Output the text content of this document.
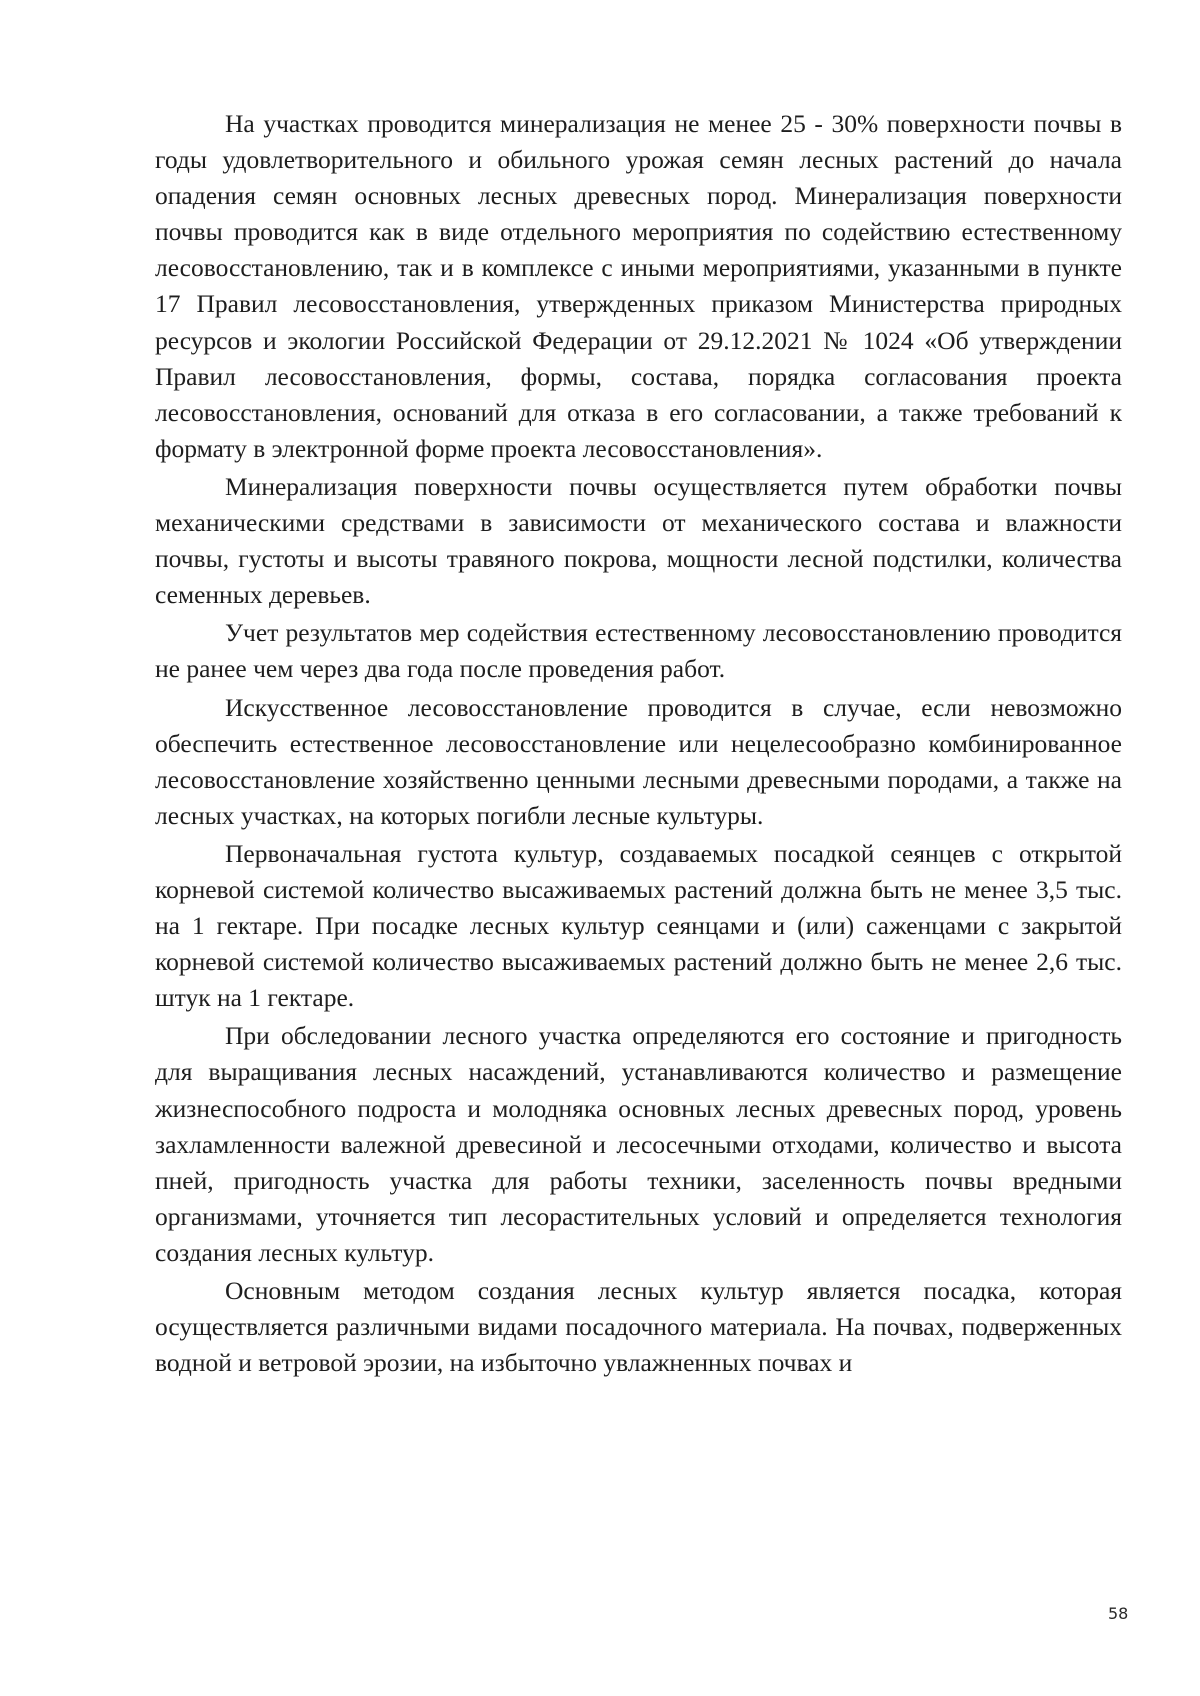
На участках проводится минерализация не менее 25 - 30% поверхности почвы в годы удовлетворительного и обильного урожая семян лесных растений до начала опадения семян основных лесных древесных пород. Минерализация поверхности почвы проводится как в виде отдельного мероприятия по содействию естественному лесовосстановлению, так и в комплексе с иными мероприятиями, указанными в пункте 17 Правил лесовосстановления, утвержденных приказом Министерства природных ресурсов и экологии Российской Федерации от 29.12.2021 № 1024 «Об утверждении Правил лесовосстановления, формы, состава, порядка согласования проекта лесовосстановления, оснований для отказа в его согласовании, а также требований к формату в электронной форме проекта лесовосстановления».

Минерализация поверхности почвы осуществляется путем обработки почвы механическими средствами в зависимости от механического состава и влажности почвы, густоты и высоты травяного покрова, мощности лесной подстилки, количества семенных деревьев.

Учет результатов мер содействия естественному лесовосстановлению проводится не ранее чем через два года после проведения работ.

Искусственное лесовосстановление проводится в случае, если невозможно обеспечить естественное лесовосстановление или нецелесообразно комбинированное лесовосстановление хозяйственно ценными лесными древесными породами, а также на лесных участках, на которых погибли лесные культуры.

Первоначальная густота культур, создаваемых посадкой сеянцев с открытой корневой системой количество высаживаемых растений должна быть не менее 3,5 тыс. на 1 гектаре. При посадке лесных культур сеянцами и (или) саженцами с закрытой корневой системой количество высаживаемых растений должно быть не менее 2,6 тыс. штук на 1 гектаре.

При обследовании лесного участка определяются его состояние и пригодность для выращивания лесных насаждений, устанавливаются количество и размещение жизнеспособного подроста и молодняка основных лесных древесных пород, уровень захламленности валежной древесиной и лесосечными отходами, количество и высота пней, пригодность участка для работы техники, заселенность почвы вредными организмами, уточняется тип лесорастительных условий и определяется технология создания лесных культур.

Основным методом создания лесных культур является посадка, которая осуществляется различными видами посадочного материала. На почвах, подверженных водной и ветровой эрозии, на избыточно увлажненных почвах и

58
